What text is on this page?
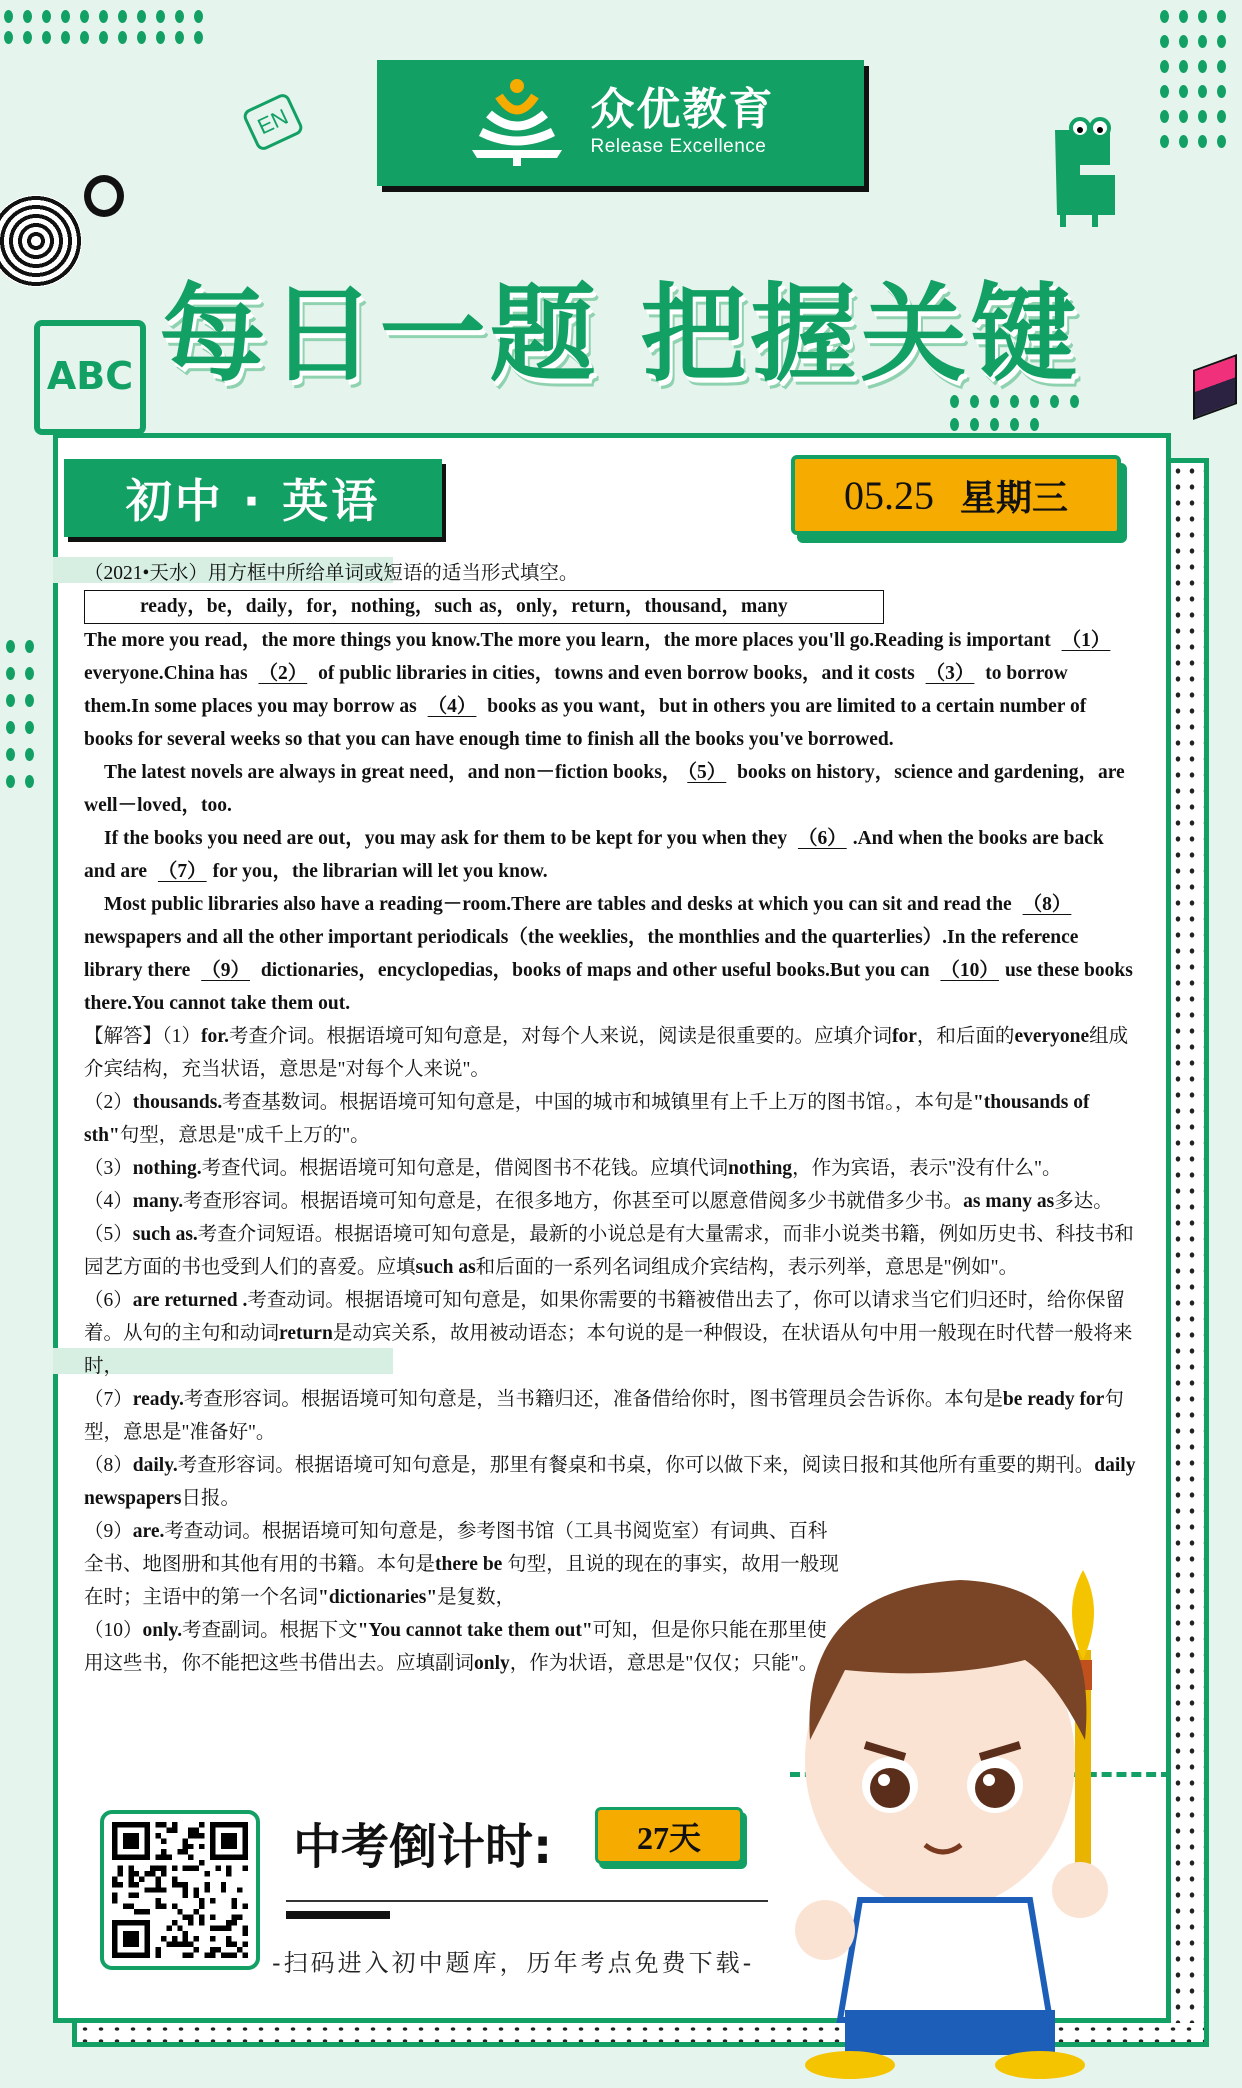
EN
ABC
众优教育
Release Excellence
每日一题 把握关键
初中 · 英语	05.25 星期三

（2021•天水）用方框中所给单词或短语的适当形式填空。

ready，be，daily，for，nothing，such as，only，return，thousand，many

The more you read，the more things you know.The more you learn，the more places you'll go.Reading is important （1） everyone.China has （2） of public libraries in cities，towns and even borrow books，and it costs （3） to borrow them.In some places you may borrow as （4） books as you want，but in others you are limited to a certain number of books for several weeks so that you can have enough time to finish all the books you've borrowed.

The latest novels are always in great need，and non－fiction books， （5） books on history，science and gardening，are well－loved，too.

If the books you need are out，you may ask for them to be kept for you when they （6） .And when the books are back and are （7） for you，the librarian will let you know.

Most public libraries also have a reading－room.There are tables and desks at which you can sit and read the （8） newspapers and all the other important periodicals（the weeklies，the monthlies and the quarterlies）.In the reference library there （9） dictionaries，encyclopedias，books of maps and other useful books.But you can （10） use these books there.You cannot take them out.

【解答】（1）for.考查介词。根据语境可知句意是，对每个人来说，阅读是很重要的。应填介词for，和后面的everyone组成介宾结构，充当状语，意思是"对每个人来说"。

（2）thousands.考查基数词。根据语境可知句意是，中国的城市和城镇里有上千上万的图书馆。，本句是"thousands of sth"句型，意思是"成千上万的"。

（3）nothing.考查代词。根据语境可知句意是，借阅图书不花钱。应填代词nothing，作为宾语，表示"没有什么"。

（4）many.考查形容词。根据语境可知句意是，在很多地方，你甚至可以愿意借阅多少书就借多少书。as many as多达。

（5）such as.考查介词短语。根据语境可知句意是，最新的小说总是有大量需求，而非小说类书籍，例如历史书、科技书和园艺方面的书也受到人们的喜爱。应填such as和后面的一系列名词组成介宾结构，表示列举，意思是"例如"。

（6）are returned .考查动词。根据语境可知句意是，如果你需要的书籍被借出去了，你可以请求当它们归还时，给你保留着。从句的主句和动词return是动宾关系，故用被动语态；本句说的是一种假设，在状语从句中用一般现在时代替一般将来时，

（7）ready.考查形容词。根据语境可知句意是，当书籍归还，准备借给你时，图书管理员会告诉你。本句是be ready for句型，意思是"准备好"。

（8）daily.考查形容词。根据语境可知句意是，那里有餐桌和书桌，你可以做下来，阅读日报和其他所有重要的期刊。daily newspapers日报。

（9）are.考查动词。根据语境可知句意是，参考图书馆（工具书阅览室）有词典、百科全书、地图册和其他有用的书籍。本句是there be 句型，且说的现在的事实，故用一般现在时；主语中的第一个名词"dictionaries"是复数，

（10）only.考查副词。根据下文"You cannot take them out"可知，但是你只能在那里使用这些书，你不能把这些书借出去。应填副词only，作为状语，意思是"仅仅；只能"。

中考倒计时:	27天
-扫码进入初中题库，历年考点免费下载-
